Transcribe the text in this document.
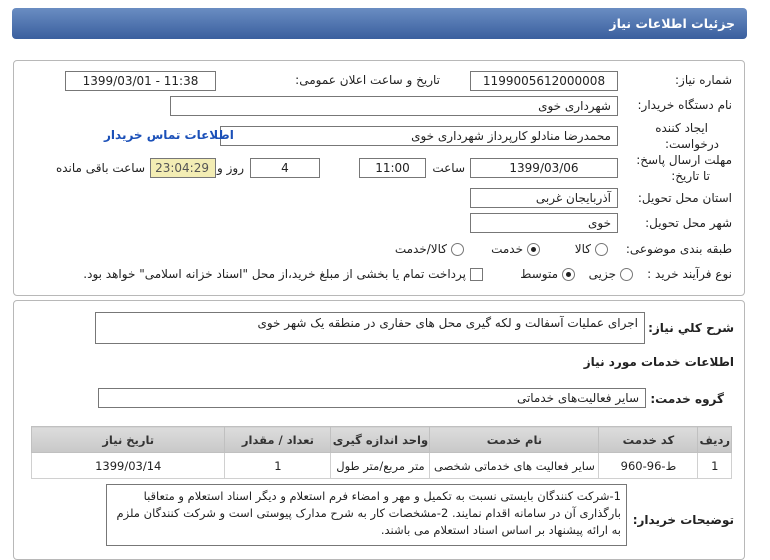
جزئیات اطلاعات نیاز
شماره نیاز:
1199005612000008
تاریخ و ساعت اعلان عمومی:
1399/03/01 - 11:38
نام دستگاه خریدار:
شهرداری خوی
ایجاد کننده
درخواست:
محمدرضا منادلو کارپرداز شهرداری خوی
اطلاعات تماس خریدار
مهلت ارسال پاسخ:
تا تاریخ:
1399/03/06
ساعت
11:00
4
روز و
23:04:29
ساعت باقی مانده
استان محل تحویل:
آذربایجان غربی
شهر محل تحویل:
خوی
طبقه بندی موضوعی:
کالا
خدمت
کالا/خدمت
نوع فرآیند خرید :
جزیی
متوسط
پرداخت تمام یا بخشی از مبلغ خرید،از محل "اسناد خزانه اسلامی" خواهد بود.
شرح کلي نياز:
اجرای عملیات آسفالت و لکه گیری محل های حفاری در منطقه یک شهر خوی
اطلاعات خدمات مورد نیاز
گروه خدمت:
سایر فعالیت‌های خدماتی
ردیف	کد خدمت	نام خدمت	واحد اندازه گیری	تعداد / مقدار	تاریخ نیاز
1	ط-96-960	سایر فعالیت های خدماتی شخصی	متر مربع/متر طول	1	1399/03/14
توضیحات خریدار:
1-شرکت کنندگان بایستی نسبت به تکمیل و مهر و امضاء فرم استعلام و دیگر اسناد استعلام و متعاقبا بارگذاری آن در سامانه اقدام نمایند. 2-مشخصات کار به شرح مدارک پیوستی است و شرکت کنندگان ملزم به ارائه پیشنهاد بر اساس اسناد استعلام می باشند.
